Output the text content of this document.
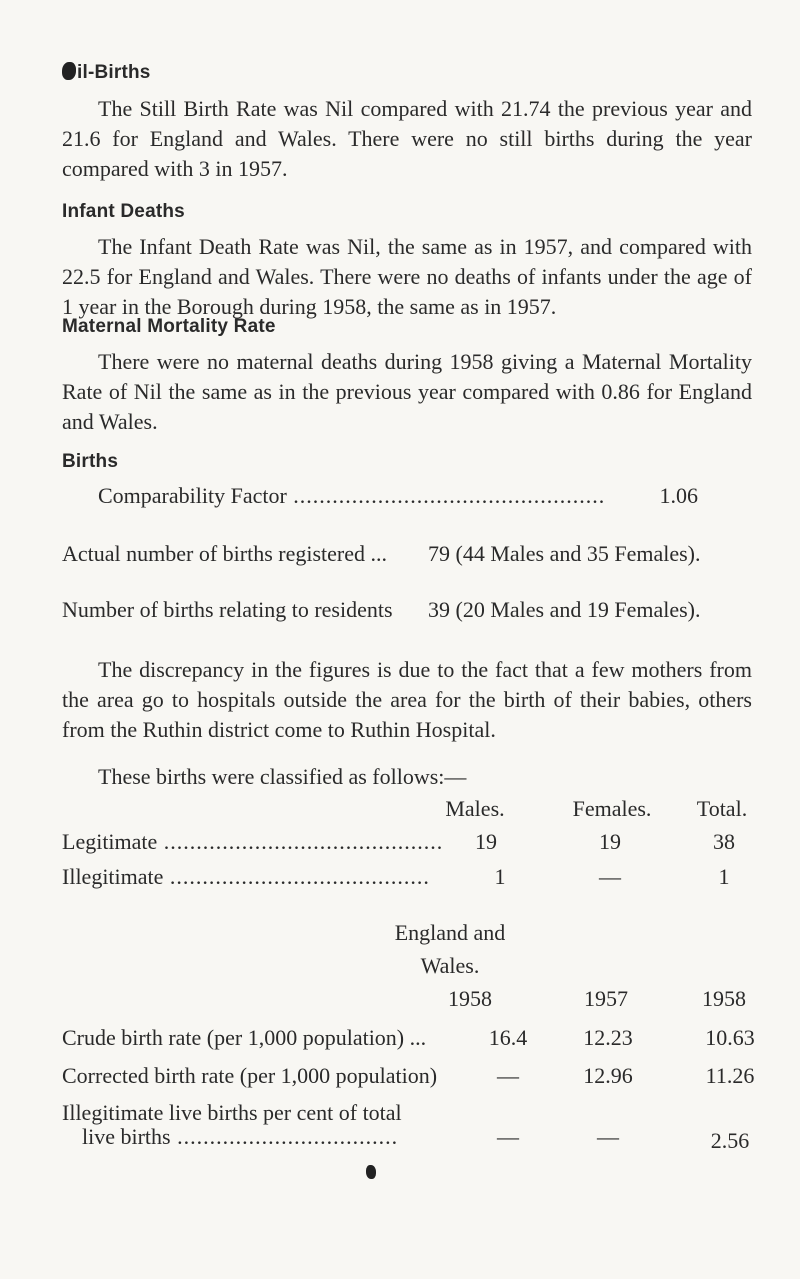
il-Births
The Still Birth Rate was Nil compared with 21.74 the previous year and 21.6 for England and Wales. There were no still births during the year compared with 3 in 1957.
Infant Deaths
The Infant Death Rate was Nil, the same as in 1957, and compared with 22.5 for England and Wales. There were no deaths of infants under the age of 1 year in the Borough during 1958, the same as in 1957.
Maternal Mortality Rate
There were no maternal deaths during 1958 giving a Maternal Mortality Rate of Nil the same as in the previous year compared with 0.86 for England and Wales.
Births
Comparability Factor ................................................ 1.06
Actual number of births registered ... 79 (44 Males and 35 Females).
Number of births relating to residents 39 (20 Males and 19 Females).
The discrepancy in the figures is due to the fact that a few mothers from the area go to hospitals outside the area for the birth of their babies, others from the Ruthin district come to Ruthin Hospital.
These births were classified as follows:—
Males.	Females.	Total.
Legitimate ...........................................	19	19	38
Illegitimate ........................................	1	—	1
England and
Wales.
1958	1957	1958
Crude birth rate (per 1,000 population) ...	16.4	12.23	10.63
Corrected birth rate (per 1,000 population)	—	12.96	11.26
Illegitimate live births per cent of total
live births ..................................	—	—	2.56
